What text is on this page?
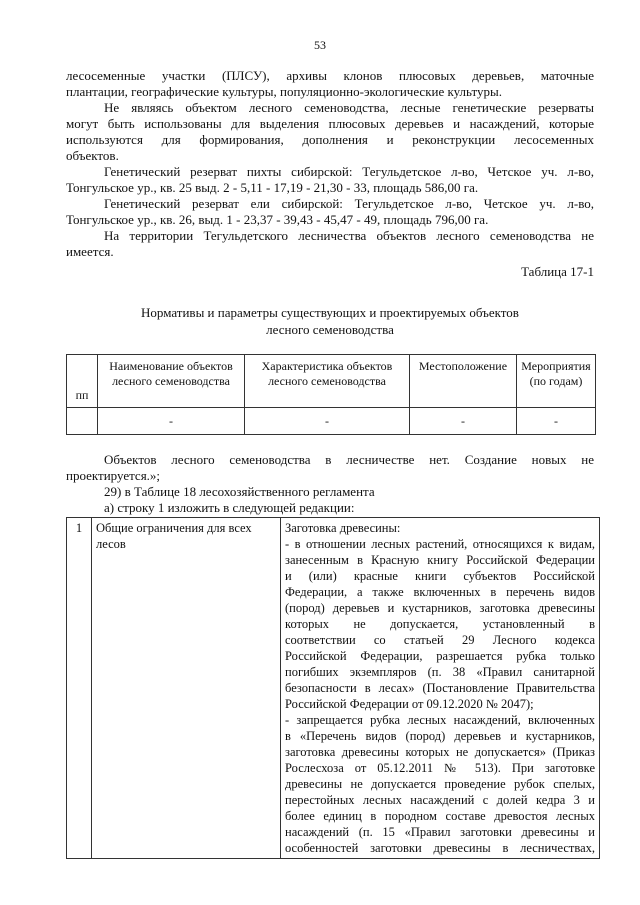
53
лесосеменные участки (ПЛСУ), архивы клонов плюсовых деревьев, маточные
плантации, географические культуры, популяционно-экологические культуры.
Не являясь объектом лесного семеноводства, лесные генетические резерваты
могут быть использованы для выделения плюсовых деревьев и насаждений, которые
используются для формирования, дополнения и реконструкции лесосеменных
объектов.
Генетический резерват пихты сибирской: Тегульдетское л-во, Четское уч. л-во,
Тонгульское ур., кв. 25 выд. 2 - 5,11 - 17,19 - 21,30 - 33, площадь 586,00 га.
Генетический резерват ели сибирской: Тегульдетское л-во, Четское уч. л-во,
Тонгульское ур., кв. 26, выд. 1 - 23,37 - 39,43 - 45,47 - 49, площадь 796,00 га.
На территории Тегульдетского лесничества объектов лесного семеноводства не
имеется.
Таблица 17-1
Нормативы и параметры существующих и проектируемых объектов
лесного семеноводства
пп	Наименование объектов лесного семеноводства	Характеристика объектов лесного семеноводства	Местоположение	Мероприятия (по годам)
	-	-	-	-
Объектов лесного семеноводства в лесничестве нет. Создание новых не
проектируется.»;
29) в Таблице 18 лесохозяйственного регламента
а) строку 1 изложить в следующей редакции:
1	Общие ограничения для всех лесов	
Заготовка древесины:
- в отношении лесных растений, относящихся к видам,
занесенным в Красную книгу Российской Федерации
и (или) красные книги субъектов Российской
Федерации, а также включенных в перечень видов
(пород) деревьев и кустарников, заготовка древесины
которых не допускается, установленный в
соответствии со статьей 29 Лесного кодекса
Российской Федерации, разрешается рубка только
погибших экземпляров (п. 38 «Правил санитарной
безопасности в лесах» (Постановление Правительства
Российской Федерации от 09.12.2020 № 2047);
- запрещается рубка лесных насаждений, включенных
в «Перечень видов (пород) деревьев и кустарников,
заготовка древесины которых не допускается» (Приказ
Рослесхоза от 05.12.2011 № 513). При заготовке
древесины не допускается проведение рубок спелых,
перестойных лесных насаждений с долей кедра 3 и
более единиц в породном составе древостоя лесных
насаждений (п. 15 «Правил заготовки древесины и
особенностей заготовки древесины в лесничествах,
